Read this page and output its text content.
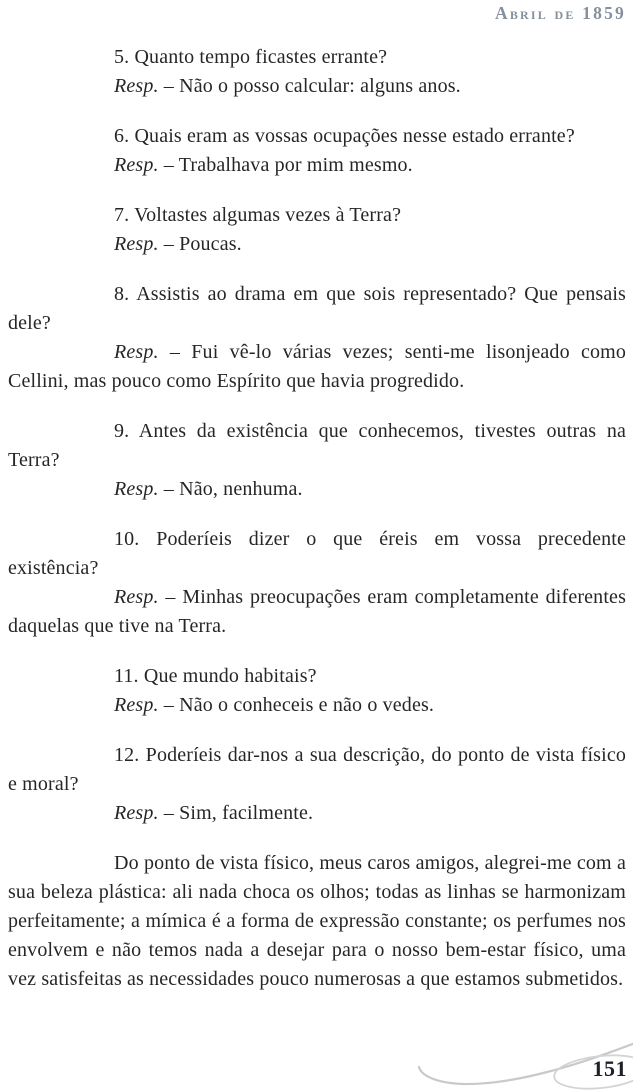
Abril de 1859

5. Quanto tempo ficastes errante?

Resp. – Não o posso calcular: alguns anos.

6. Quais eram as vossas ocupações nesse estado errante?

Resp. – Trabalhava por mim mesmo.

7. Voltastes algumas vezes à Terra?

Resp. – Poucas.

8. Assistis ao drama em que sois representado? Que pensais dele?

Resp. – Fui vê-lo várias vezes; senti-me lisonjeado como Cellini, mas pouco como Espírito que havia progredido.

9. Antes da existência que conhecemos, tivestes outras na Terra?

Resp. – Não, nenhuma.

10. Poderíeis dizer o que éreis em vossa precedente existência?

Resp. – Minhas preocupações eram completamente diferentes daquelas que tive na Terra.

11. Que mundo habitais?

Resp. – Não o conheceis e não o vedes.

12. Poderíeis dar-nos a sua descrição, do ponto de vista físico e moral?

Resp. – Sim, facilmente.

Do ponto de vista físico, meus caros amigos, alegrei-me com a sua beleza plástica: ali nada choca os olhos; todas as linhas se harmonizam perfeitamente; a mímica é a forma de expressão constante; os perfumes nos envolvem e não temos nada a desejar para o nosso bem-estar físico, uma vez satisfeitas as necessidades pouco numerosas a que estamos submetidos.

151
